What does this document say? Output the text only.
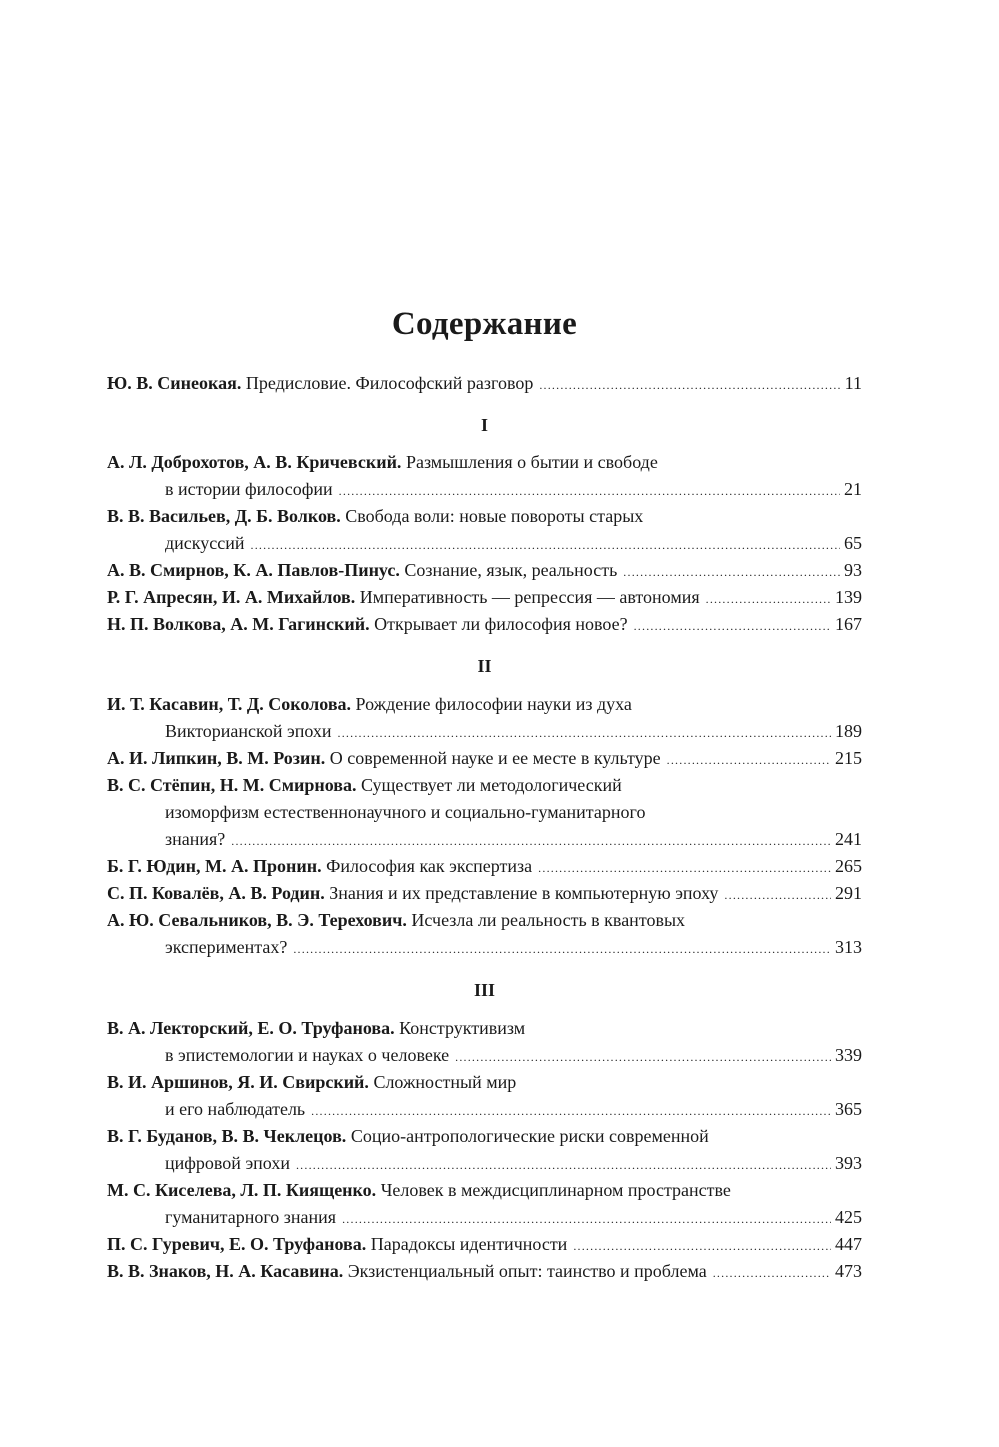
Содержание
Ю. В. Синеокая. Предисловие. Философский разговор .....	11
I
А. Л. Доброхотов, А. В. Кричевский. Размышления о бытии и свободе
в истории философии .....	21
В. В. Васильев, Д. Б. Волков. Свобода воли: новые повороты старых
дискуссий .....	65
А. В. Смирнов, К. А. Павлов-Пинус. Сознание, язык, реальность .....	93
Р. Г. Апресян, И. А. Михайлов. Императивность — репрессия — автономия .....	139
Н. П. Волкова, А. М. Гагинский. Открывает ли философия новое? .....	167
II
И. Т. Касавин, Т. Д. Соколова. Рождение философии науки из духа
Викторианской эпохи .....	189
А. И. Липкин, В. М. Розин. О современной науке и ее месте в культуре .....	215
В. С. Стёпин, Н. М. Смирнова. Существует ли методологический
изоморфизм естественнонаучного и социально-гуманитарного
знания? .....	241
Б. Г. Юдин, М. А. Пронин. Философия как экспертиза .....	265
С. П. Ковалёв, А. В. Родин. Знания и их представление в компьютерную эпоху .....	291
А. Ю. Севальников, В. Э. Терехович. Исчезла ли реальность в квантовых
экспериментах? .....	313
III
В. А. Лекторский, Е. О. Труфанова. Конструктивизм
в эпистемологии и науках о человеке .....	339
В. И. Аршинов, Я. И. Свирский. Сложностный мир
и его наблюдатель .....	365
В. Г. Буданов, В. В. Чеклецов. Социо-антропологические риски современной
цифровой эпохи .....	393
М. С. Киселева, Л. П. Киященко. Человек в междисциплинарном пространстве
гуманитарного знания .....	425
П. С. Гуревич, Е. О. Труфанова. Парадоксы идентичности .....	447
В. В. Знаков, Н. А. Касавина. Экзистенциальный опыт: таинство и проблема .....	473
